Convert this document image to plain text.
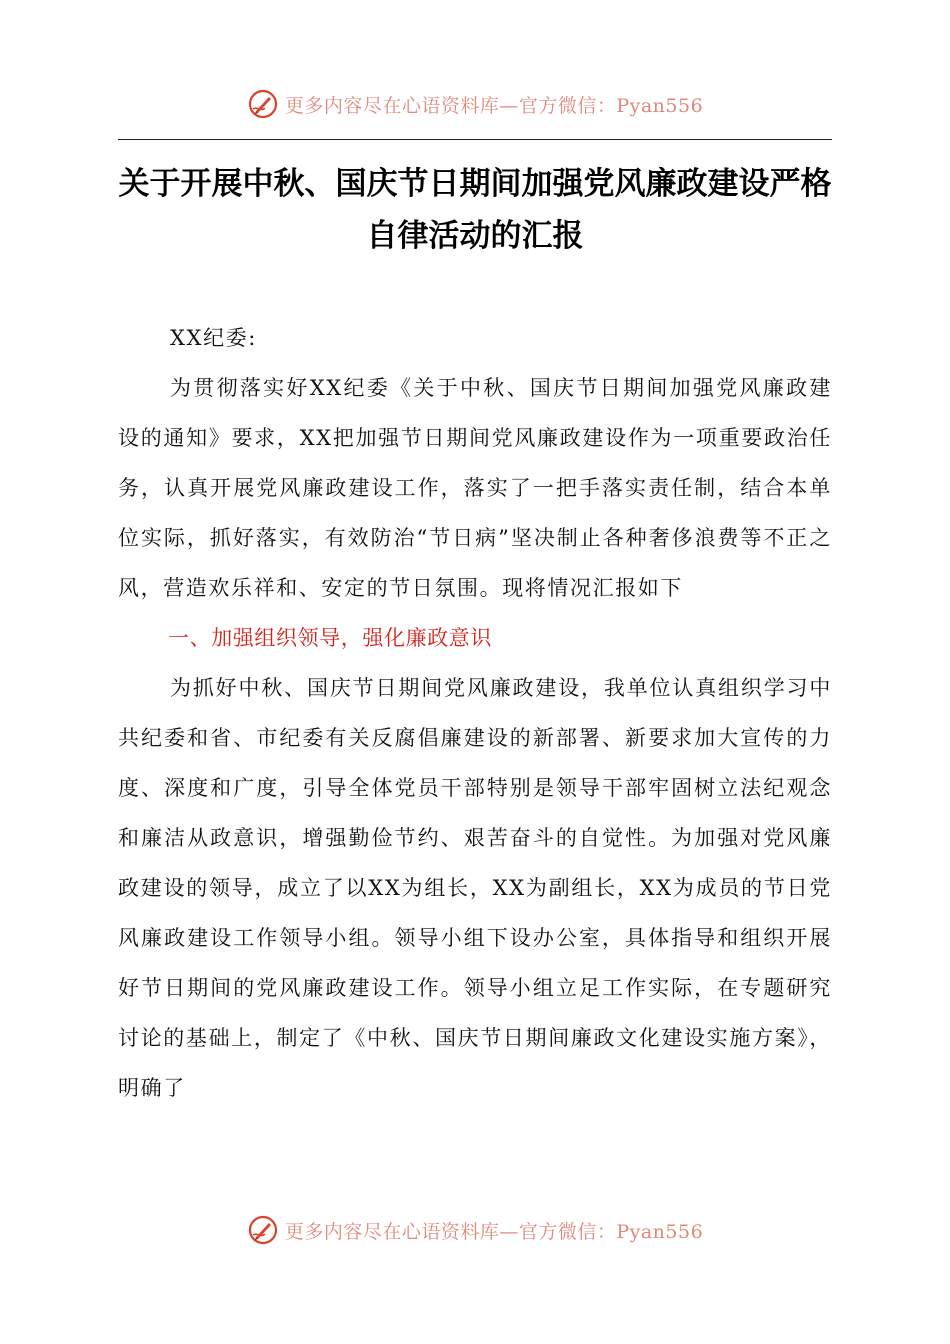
更多内容尽在心语资料库—官方微信：Pyan556
关于开展中秋、国庆节日期间加强党风廉政建设严格自律活动的汇报

XX纪委:

为贯彻落实好XX纪委《关于中秋、国庆节日期间加强党风廉政建设的通知》要求，XX把加强节日期间党风廉政建设作为一项重要政治任务，认真开展党风廉政建设工作，落实了一把手落实责任制，结合本单位实际，抓好落实，有效防治“节日病”坚决制止各种奢侈浪费等不正之风，营造欢乐祥和、安定的节日氛围。现将情况汇报如下

一、加强组织领导，强化廉政意识

为抓好中秋、国庆节日期间党风廉政建设，我单位认真组织学习中共纪委和省、市纪委有关反腐倡廉建设的新部署、新要求加大宣传的力度、深度和广度，引导全体党员干部特别是领导干部牢固树立法纪观念和廉洁从政意识，增强勤俭节约、艰苦奋斗的自觉性。为加强对党风廉政建设的领导，成立了以XX为组长，XX为副组长，XX为成员的节日党风廉政建设工作领导小组。领导小组下设办公室，具体指导和组织开展好节日期间的党风廉政建设工作。领导小组立足工作实际，在专题研究讨论的基础上，制定了《中秋、国庆节日期间廉政文化建设实施方案》，明确了

更多内容尽在心语资料库—官方微信：Pyan556
